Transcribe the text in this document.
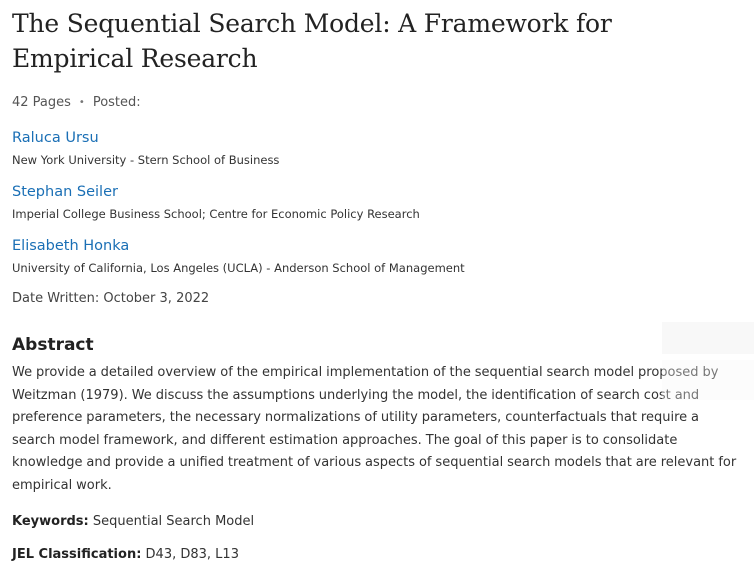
The Sequential Search Model: A Framework for Empirical Research
42 Pages • Posted:
Raluca Ursu
New York University - Stern School of Business
Stephan Seiler
Imperial College Business School; Centre for Economic Policy Research
Elisabeth Honka
University of California, Los Angeles (UCLA) - Anderson School of Management
Date Written: October 3, 2022
Abstract
We provide a detailed overview of the empirical implementation of the sequential search model proposed by Weitzman (1979). We discuss the assumptions underlying the model, the identification of search cost and preference parameters, the necessary normalizations of utility parameters, counterfactuals that require a search model framework, and different estimation approaches. The goal of this paper is to consolidate knowledge and provide a unified treatment of various aspects of sequential search models that are relevant for empirical work.
Keywords: Sequential Search Model
JEL Classification: D43, D83, L13
